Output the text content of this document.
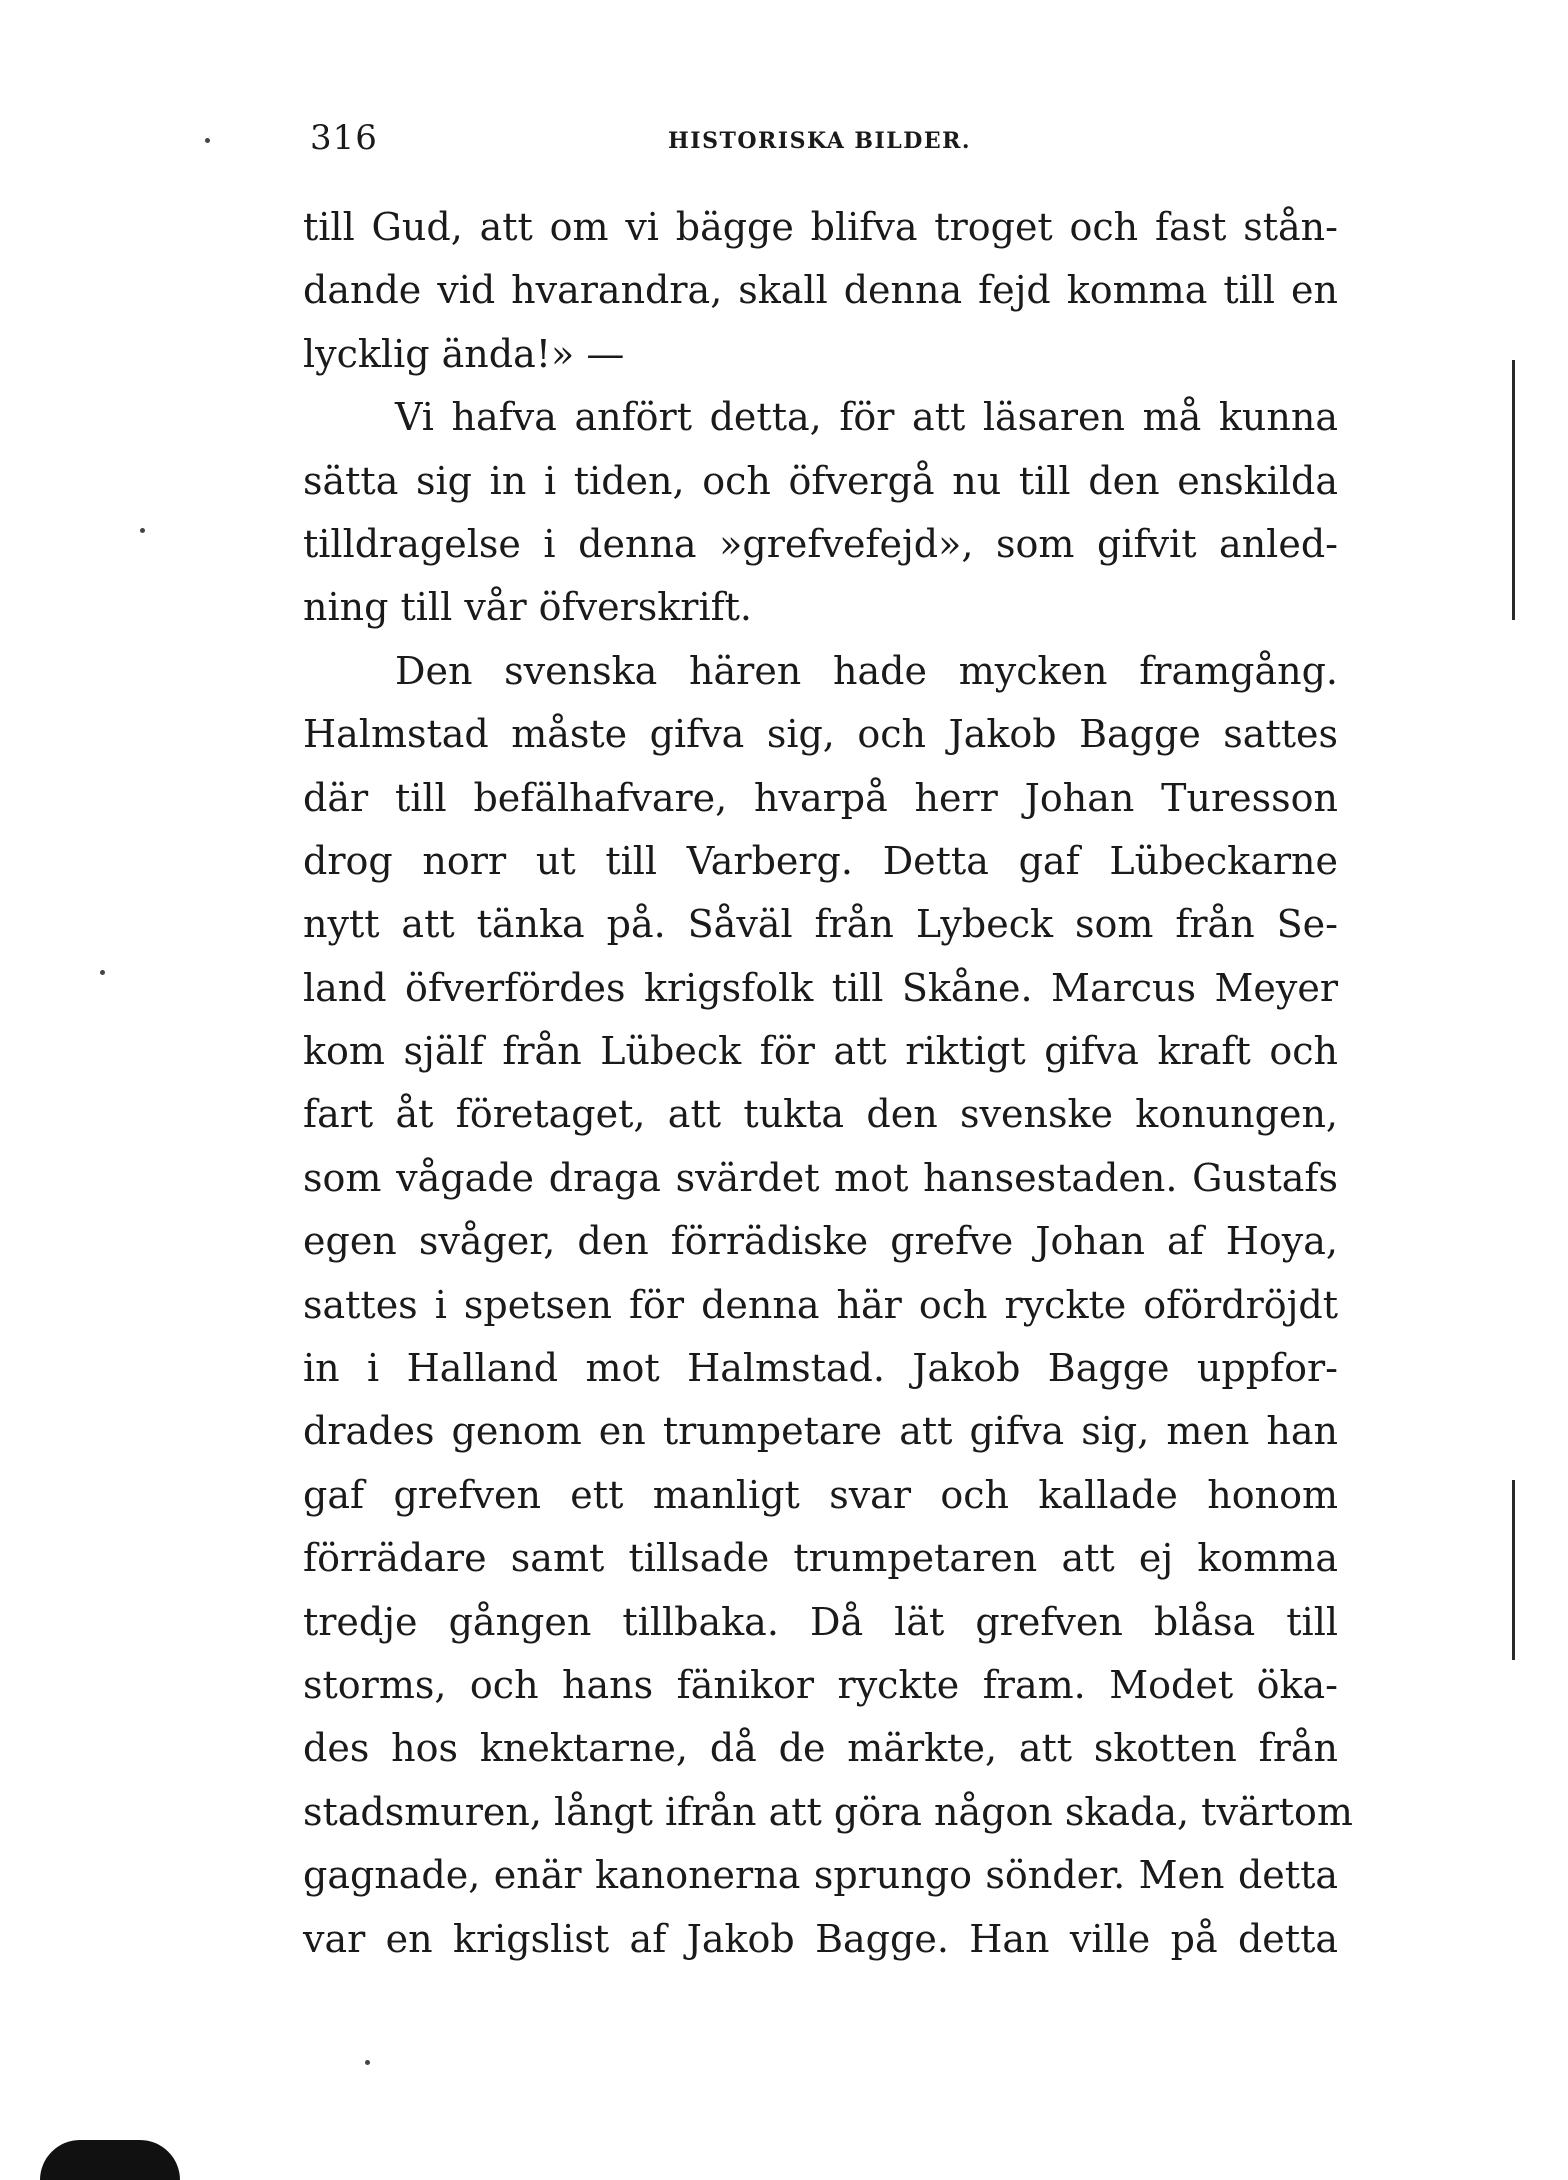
316	HISTORISKA BILDER.
till Gud, att om vi bägge blifva troget och fast stån-
dande vid hvarandra, skall denna fejd komma till en
lycklig ända!» —
Vi hafva anfört detta, för att läsaren må kunna
sätta sig in i tiden, och öfvergå nu till den enskilda
tilldragelse i denna »grefvefejd», som gifvit anled-
ning till vår öfverskrift.
Den svenska hären hade mycken framgång.
Halmstad måste gifva sig, och Jakob Bagge sattes
där till befälhafvare, hvarpå herr Johan Turesson
drog norr ut till Varberg. Detta gaf Lübeckarne
nytt att tänka på. Såväl från Lybeck som från Se-
land öfverfördes krigsfolk till Skåne. Marcus Meyer
kom själf från Lübeck för att riktigt gifva kraft och
fart åt företaget, att tukta den svenske konungen,
som vågade draga svärdet mot hansestaden. Gustafs
egen svåger, den förrädiske grefve Johan af Hoya,
sattes i spetsen för denna här och ryckte ofördröjdt
in i Halland mot Halmstad. Jakob Bagge uppfor-
drades genom en trumpetare att gifva sig, men han
gaf grefven ett manligt svar och kallade honom
förrädare samt tillsade trumpetaren att ej komma
tredje gången tillbaka. Då lät grefven blåsa till
storms, och hans fänikor ryckte fram. Modet öka-
des hos knektarne, då de märkte, att skotten från
stadsmuren, långt ifrån att göra någon skada, tvärtom
gagnade, enär kanonerna sprungo sönder. Men detta
var en krigslist af Jakob Bagge. Han ville på detta
